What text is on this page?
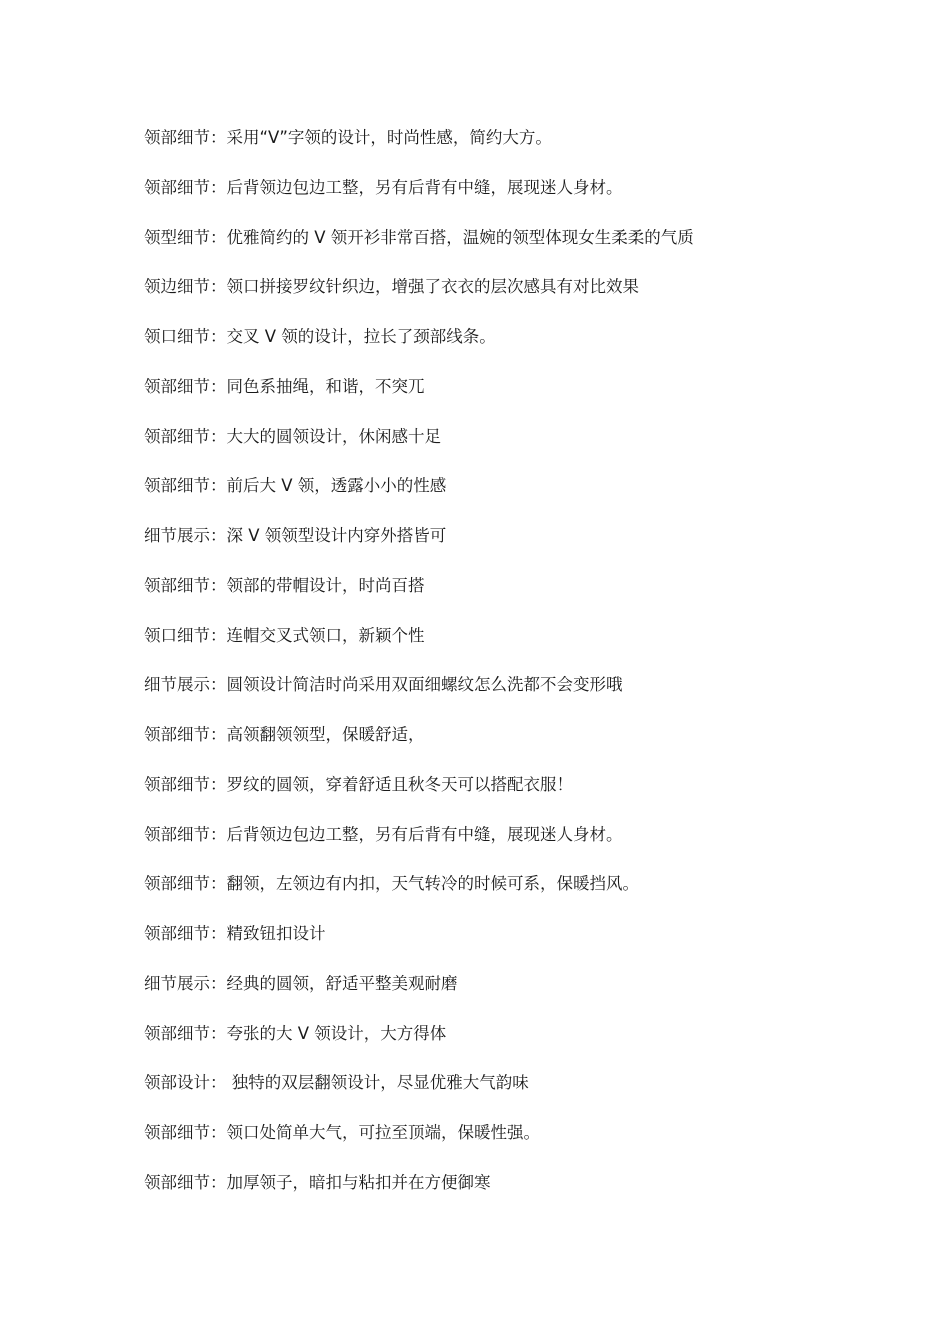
领部细节：采用“V”字领的设计，时尚性感，简约大方。
领部细节：后背领边包边工整，另有后背有中缝，展现迷人身材。
领型细节：优雅简约的 V 领开衫非常百搭，温婉的领型体现女生柔柔的气质
领边细节：领口拼接罗纹针织边，增强了衣衣的层次感具有对比效果
领口细节：交叉 V 领的设计，拉长了颈部线条。
领部细节：同色系抽绳，和谐，不突兀
领部细节：大大的圆领设计，休闲感十足
领部细节：前后大 V 领，透露小小的性感
细节展示：深 V 领领型设计内穿外搭皆可
领部细节：领部的带帽设计，时尚百搭
领口细节：连帽交叉式领口，新颖个性
细节展示：圆领设计简洁时尚采用双面细螺纹怎么洗都不会变形哦
领部细节：高领翻领领型，保暖舒适，
领部细节：罗纹的圆领，穿着舒适且秋冬天可以搭配衣服！
领部细节：后背领边包边工整，另有后背有中缝，展现迷人身材。
领部细节：翻领，左领边有内扣，天气转冷的时候可系，保暖挡风。
领部细节：精致钮扣设计
细节展示：经典的圆领，舒适平整美观耐磨
领部细节：夸张的大 V 领设计，大方得体
领部设计： 独特的双层翻领设计，尽显优雅大气韵味
领部细节：领口处简单大气，可拉至顶端，保暖性强。
领部细节：加厚领子，暗扣与粘扣并在方便御寒
